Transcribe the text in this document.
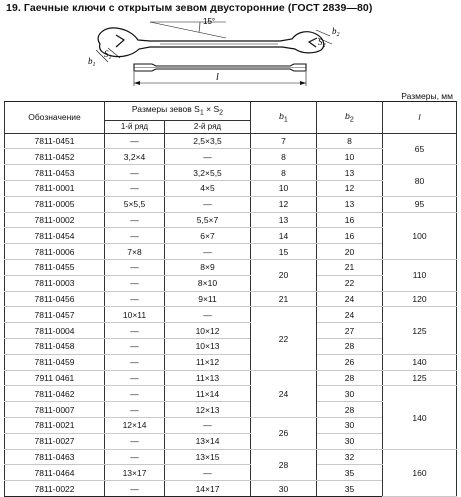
19. Гаечные ключи с открытым зевом двусторонние (ГОСТ 2839—80)
15°
$b_1$
$S_1$
$b_2$
$S_2$
l
Размеры, мм
Обозначение	Размеры зевов $S_1 \times S_2$		$b_1$	$b_2$	l
	1-й ряд	2-й ряд			
7811-0451	—	2,5×3,5	7	8	65
7811-0452	3,2×4	—	8	10	
7811-0453	—	3,2×5,5	8	13	80
7811-0001	—	4×5	10	12	
7811-0005	5×5,5	—	12	13	95
7811-0002	—	5,5×7	13	16	100
7811-0454	—	6×7	14	16	
7811-0006	7×8	—	15	20	
7811-0455	—	8×9	20	21	110
7811-0003	—	8×10		22	
7811-0456	—	9×11	21	24	120
7811-0457	10×11	—	22	24	125
7811-0004	—	10×12		27	
7811-0458	—	10×13		28	
7811-0459	—	11×12		26	140
7911 0461	—	11×13	24	28	125
7811-0462	—	11×14		30	140
7811-0007	—	12×13		28	
7811-0021	12×14	—	26	30	
7811-0027	—	13×14		30	
7811-0463	—	13×15	28	32	160
7811-0464	13×17	—		35	
7811-0022	—	14×17	30	35	
